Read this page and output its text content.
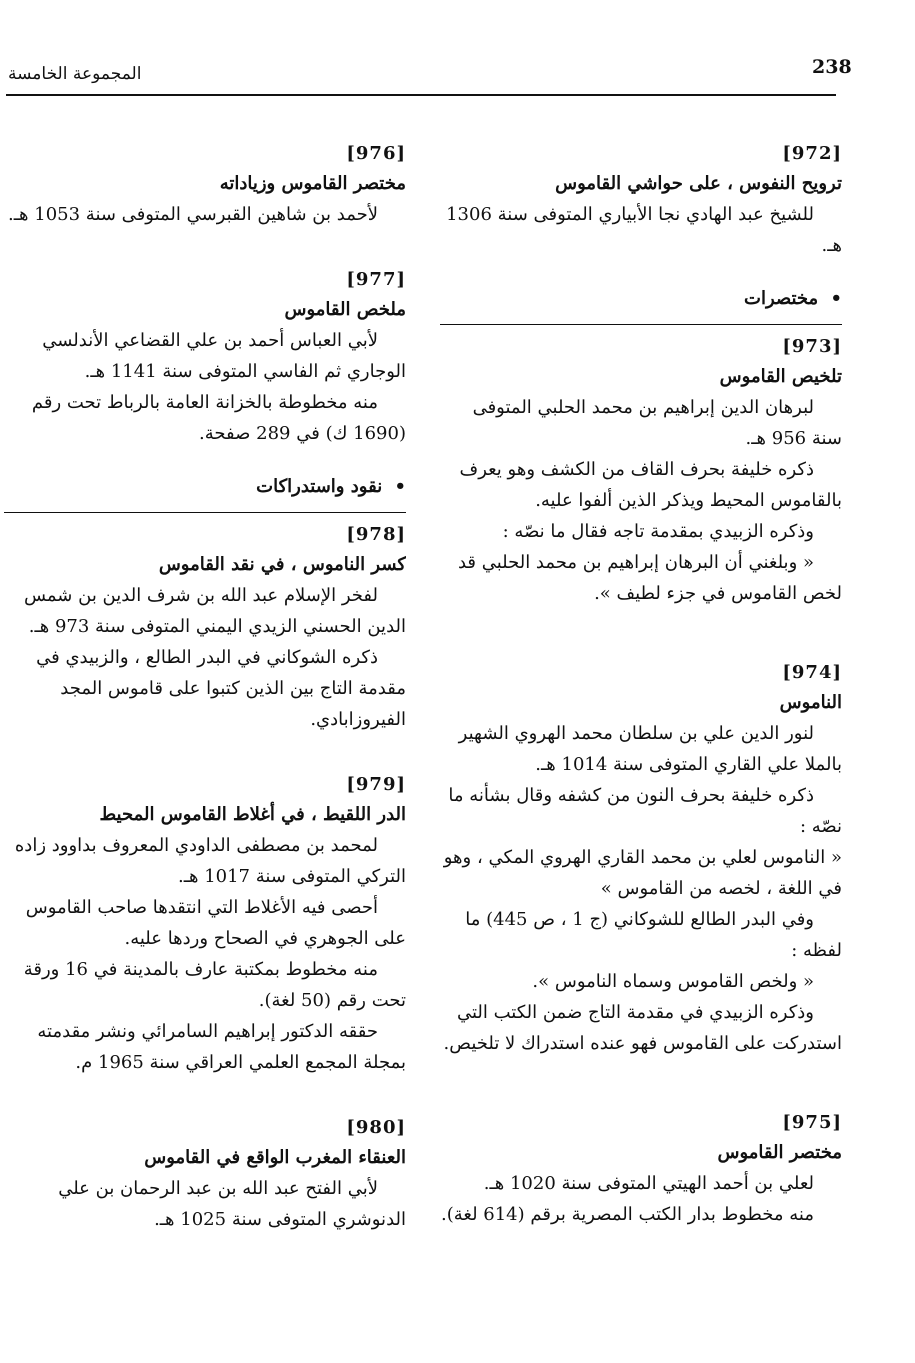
238
المجموعة الخامسة

[972]

ترويح النفوس ، على حواشي القاموس

للشيخ عبد الهادي نجا الأبياري المتوفى سنة 1306 هـ.

• مختصرات

[973]

تلخيص القاموس

لبرهان الدين إبراهيم بن محمد الحلبي المتوفى سنة 956 هـ.

ذكره خليفة بحرف القاف من الكشف وهو يعرف بالقاموس المحيط ويذكر الذين ألفوا عليه.

وذكره الزبيدي بمقدمة تاجه فقال ما نصّه :

« وبلغني أن البرهان إبراهيم بن محمد الحلبي قد لخص القاموس في جزء لطيف ».

[974]

الناموس

لنور الدين علي بن سلطان محمد الهروي الشهير بالملا علي القاري المتوفى سنة 1014 هـ.

ذكره خليفة بحرف النون من كشفه وقال بشأنه ما نصّه :

« الناموس لعلي بن محمد القاري الهروي المكي ، وهو في اللغة ، لخصه من القاموس »

وفي البدر الطالع للشوكاني (ج 1 ، ص 445) ما لفظه :

« ولخص القاموس وسماه الناموس ».

وذكره الزبيدي في مقدمة التاج ضمن الكتب التي استدركت على القاموس فهو عنده استدراك لا تلخيص.

[975]

مختصر القاموس

لعلي بن أحمد الهيتي المتوفى سنة 1020 هـ.

منه مخطوط بدار الكتب المصرية برقم (614 لغة).

[976]

مختصر القاموس وزياداته

لأحمد بن شاهين القبرسي المتوفى سنة 1053 هـ.

[977]

ملخص القاموس

لأبي العباس أحمد بن علي القضاعي الأندلسي الوجاري ثم الفاسي المتوفى سنة 1141 هـ.

منه مخطوطة بالخزانة العامة بالرباط تحت رقم (1690 ك) في 289 صفحة.

• نقود واستدراكات

[978]

كسر الناموس ، في نقد القاموس

لفخر الإسلام عبد الله بن شرف الدين بن شمس الدين الحسني الزيدي اليمني المتوفى سنة 973 هـ.

ذكره الشوكاني في البدر الطالع ، والزبيدي في مقدمة التاج بين الذين كتبوا على قاموس المجد الفيروزابادي.

[979]

الدر اللقيط ، في أغلاط القاموس المحيط

لمحمد بن مصطفى الداودي المعروف بداوود زاده التركي المتوفى سنة 1017 هـ.

أحصى فيه الأغلاط التي انتقدها صاحب القاموس على الجوهري في الصحاح وردها عليه.

منه مخطوط بمكتبة عارف بالمدينة في 16 ورقة تحت رقم (50 لغة).

حققه الدكتور إبراهيم السامرائي ونشر مقدمته بمجلة المجمع العلمي العراقي سنة 1965 م.

[980]

العنقاء المغرب الواقع في القاموس

لأبي الفتح عبد الله بن عبد الرحمان بن علي الدنوشري المتوفى سنة 1025 هـ.
